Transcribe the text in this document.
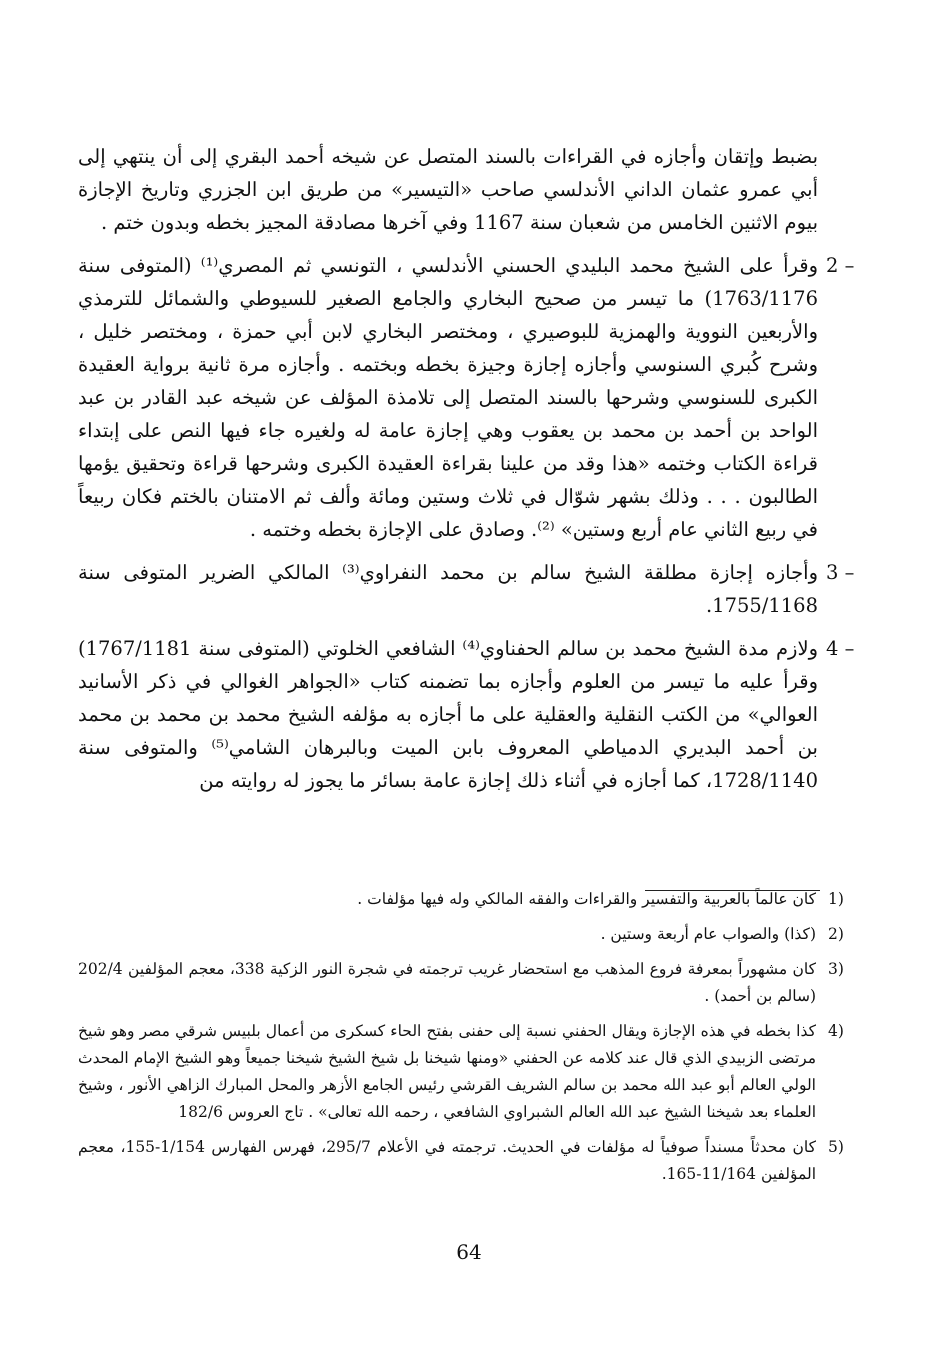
بضبط وإتقان وأجازه في القراءات بالسند المتصل عن شيخه أحمد البقري إلى أن ينتهي إلى أبي عمرو عثمان الداني الأندلسي صاحب «التيسير» من طريق ابن الجزري وتاريخ الإجازة بيوم الاثنين الخامس من شعبان سنة 1167 وفي آخرها مصادقة المجيز بخطه وبدون ختم .

2 –
وقرأ على الشيخ محمد البليدي الحسني الأندلسي ، التونسي ثم المصري⁽¹⁾ (المتوفى سنة 1763/1176) ما تيسر من صحيح البخاري والجامع الصغير للسيوطي والشمائل للترمذي والأربعين النووية والهمزية للبوصيري ، ومختصر البخاري لابن أبي حمزة ، ومختصر خليل ، وشرح كُبري السنوسي وأجازه إجازة وجيزة بخطه وبختمه . وأجازه مرة ثانية برواية العقيدة الكبرى للسنوسي وشرحها بالسند المتصل إلى تلامذة المؤلف عن شيخه عبد القادر بن عبد الواحد بن أحمد بن محمد بن يعقوب وهي إجازة عامة له ولغيره جاء فيها النص على إبتداء قراءة الكتاب وختمه «هذا وقد من علينا بقراءة العقيدة الكبرى وشرحها قراءة وتحقيق يؤمها الطالبون . . . وذلك بشهر شوّال في ثلاث وستين ومائة وألف ثم الامتنان بالختم فكان ربيعاً في ربيع الثاني عام أربع وستين» ⁽²⁾. وصادق على الإجازة بخطه وختمه .
3 –
وأجازه إجازة مطلقة الشيخ سالم بن محمد النفراوي⁽³⁾ المالكي الضرير المتوفى سنة 1755/1168.
4 –
ولازم مدة الشيخ محمد بن سالم الحفناوي⁽⁴⁾ الشافعي الخلوتي (المتوفى سنة 1767/1181) وقرأ عليه ما تيسر من العلوم وأجازه بما تضمنه كتاب «الجواهر الغوالي في ذكر الأسانيد العوالي» من الكتب النقلية والعقلية على ما أجازه به مؤلفه الشيخ محمد بن محمد بن محمد بن أحمد البديري الدمياطي المعروف بابن الميت وبالبرهان الشامي⁽⁵⁾ والمتوفى سنة 1728/1140، كما أجازه في أثناء ذلك إجازة عامة بسائر ما يجوز له روايته من
1)
كان عالماً بالعربية والتفسير والقراءات والفقه المالكي وله فيها مؤلفات .
2)
(كذا) والصواب عام أربعة وستين .
3)
كان مشهوراً بمعرفة فروع المذهب مع استحضار غريب ترجمته في شجرة النور الزكية 338، معجم المؤلفين 202/4 (سالم بن أحمد) .
4)
كذا بخطه في هذه الإجازة ويقال الحفني نسبة إلى حفنى بفتح الحاء كسكرى من أعمال بلبيس شرقي مصر وهو شيخ مرتضى الزبيدي الذي قال عند كلامه عن الحفني «ومنها شيخنا بل شيخ الشيخ شيخنا جميعاً وهو الشيخ الإمام المحدث الولي العالم أبو عبد الله محمد بن سالم الشريف القرشي رئيس الجامع الأزهر والمحل المبارك الزاهي الأنور ، وشيخ العلماء بعد شيخنا الشيخ عبد الله العالم الشبراوي الشافعي ، رحمه الله تعالى» . تاج العروس 182/6
5)
كان محدثاً مسنداً صوفياً له مؤلفات في الحديث. ترجمته في الأعلام 295/7، فهرس الفهارس 1/154-155، معجم المؤلفين 11/164-165.
64
